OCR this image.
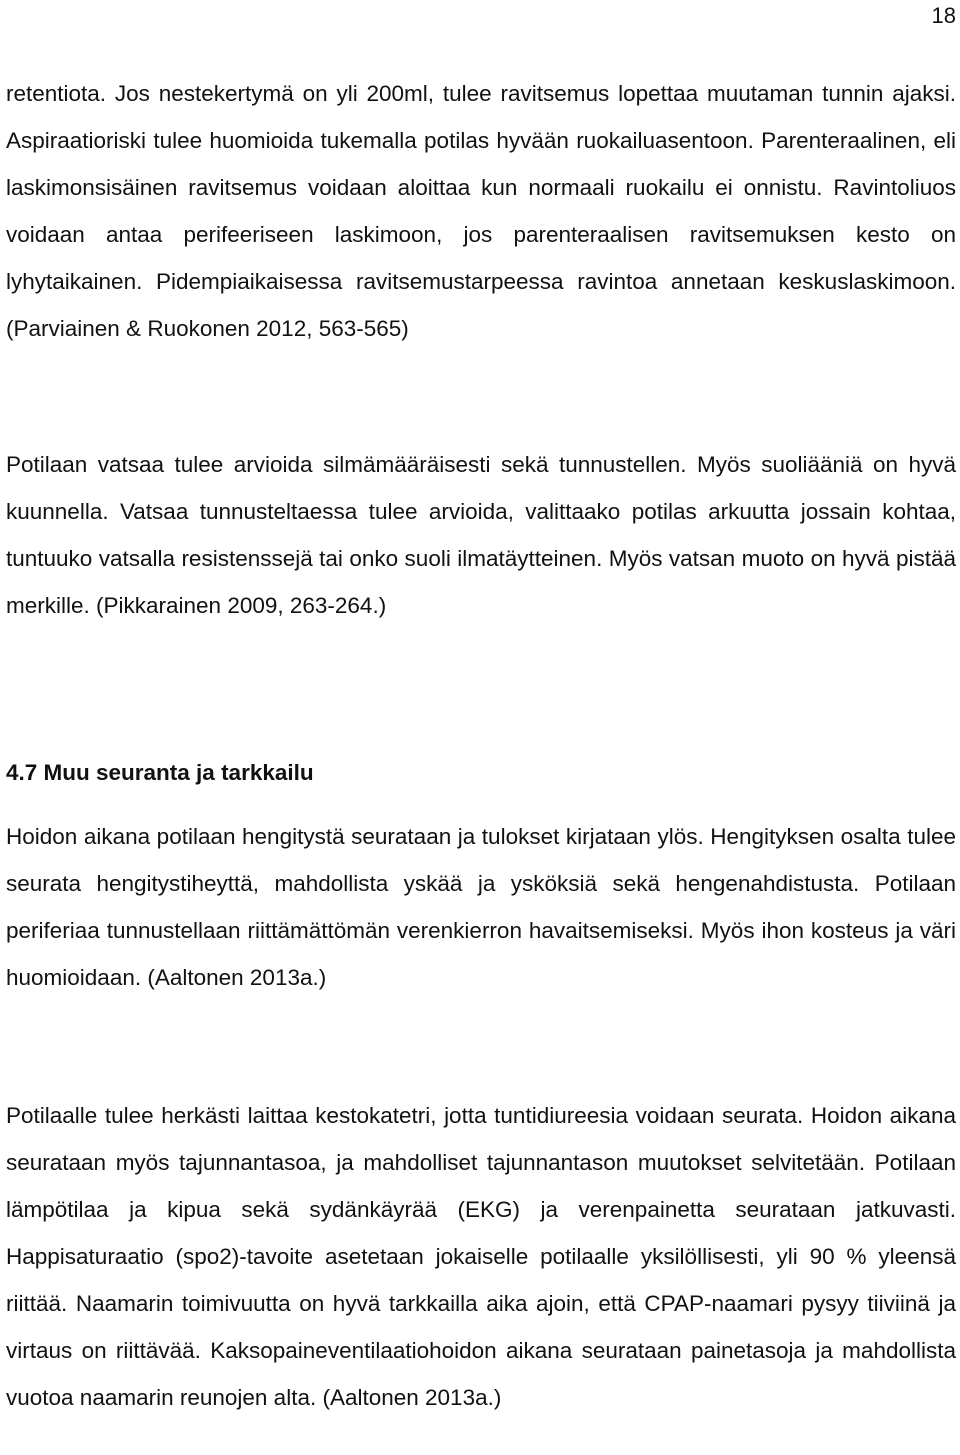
18

retentiota. Jos nestekertymä on yli 200ml, tulee ravitsemus lopettaa muutaman tunnin ajaksi. Aspiraatioriski tulee huomioida tukemalla potilas hyvään ruokailuasentoon. Parenteraalinen, eli laskimonsisäinen ravitsemus voidaan aloittaa kun normaali ruokailu ei onnistu. Ravintoliuos voidaan antaa perifeeriseen laskimoon, jos parenteraalisen ravitsemuksen kesto on lyhytaikainen. Pidempiaikaisessa ravitsemustarpeessa ravintoa annetaan keskuslaskimoon. (Parviainen & Ruokonen 2012, 563-565)

Potilaan vatsaa tulee arvioida silmämääräisesti sekä tunnustellen. Myös suoliääniä on hyvä kuunnella. Vatsaa tunnusteltaessa tulee arvioida, valittaako potilas arkuutta jossain kohtaa, tuntuuko vatsalla resistenssejä tai onko suoli ilmatäytteinen. Myös vatsan muoto on hyvä pistää merkille. (Pikkarainen 2009, 263-264.)

4.7 Muu seuranta ja tarkkailu

Hoidon aikana potilaan hengitystä seurataan ja tulokset kirjataan ylös. Hengityksen osalta tulee seurata hengitystiheyttä, mahdollista yskää ja ysköksiä sekä hengenahdistusta. Potilaan periferiaa tunnustellaan riittämättömän verenkierron havaitsemiseksi. Myös ihon kosteus ja väri huomioidaan. (Aaltonen 2013a.)

Potilaalle tulee herkästi laittaa kestokatetri, jotta tuntidiureesia voidaan seurata. Hoidon aikana seurataan myös tajunnantasoa, ja mahdolliset tajunnantason muutokset selvitetään. Potilaan lämpötilaa ja kipua sekä sydänkäyrää (EKG) ja verenpainetta seurataan jatkuvasti. Happisaturaatio (spo2)-tavoite asetetaan jokaiselle potilaalle yksilöllisesti, yli 90 % yleensä riittää. Naamarin toimivuutta on hyvä tarkkailla aika ajoin, että CPAP-naamari pysyy tiiviinä ja virtaus on riittävää. Kaksopaineventilaatiohoidon aikana seurataan painetasoja ja mahdollista vuotoa naamarin reunojen alta. (Aaltonen 2013a.)
